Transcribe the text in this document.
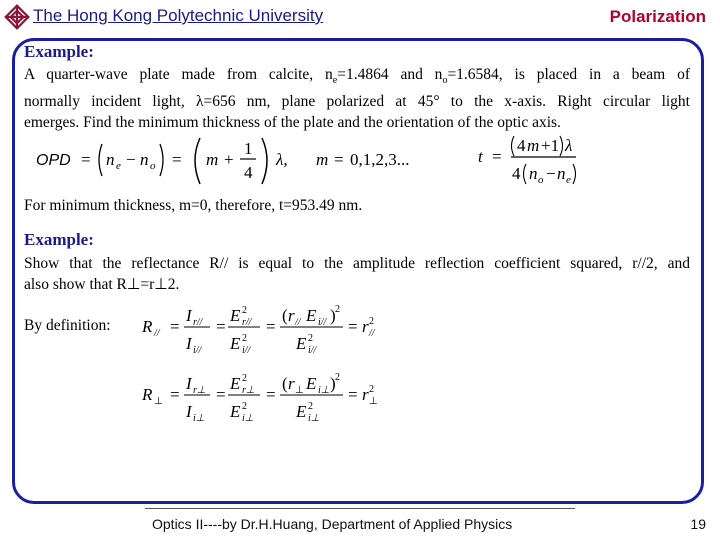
The Hong Kong Polytechnic University	Polarization
Example:
A quarter-wave plate made from calcite, $n_e=1.4864$ and $n_o=1.6584$, is placed in a beam of
normally incident light, λ=656 nm, plane polarized at 45° to the x-axis. Right circular light
emerges. Find the minimum thickness of the plate and the orientation of the optic axis.
OPD = n e − n o = m +
1
4
λ, m = 0,1,2,3...	t =
4 m +1 λ
4 n o − n e
For minimum thickness, m=0, therefore, t=953.49 nm.
Example:
Show that the reflectance R// is equal to the amplitude reflection coefficient squared, r//2, and
also show that R⊥=r⊥2.
By definition: R // =
I r//
I i//
=
E 2
r//
E 2
i//
=
( r // E i// ) 2
E 2
i//
= r 2
//
R ⊥ =
I r⊥
I i⊥
=
E 2
r⊥
E 2
i⊥
=
( r ⊥ E i⊥ ) 2
E 2
i⊥
= r 2
⊥
Optics II----by Dr.H.Huang, Department of Applied Physics	19
